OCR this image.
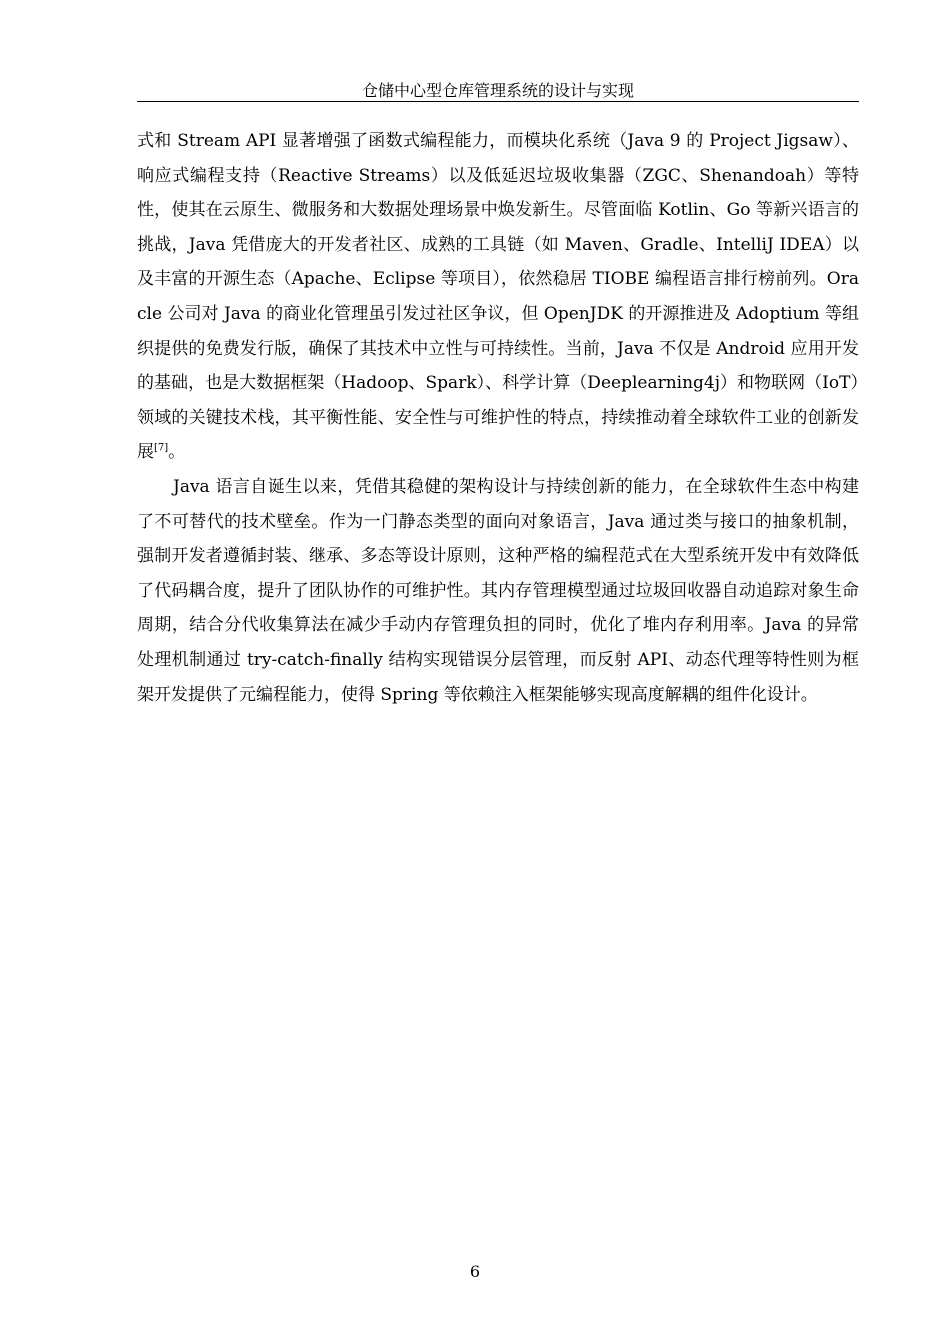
仓储中心型仓库管理系统的设计与实现

式和 Stream API 显著增强了函数式编程能力，而模块化系统（Java 9 的 Project Jigsaw）、响应式编程支持（Reactive Streams）以及低延迟垃圾收集器（ZGC、Shenandoah）等特性，使其在云原生、微服务和大数据处理场景中焕发新生。尽管面临 Kotlin、Go 等新兴语言的挑战，Java 凭借庞大的开发者社区、成熟的工具链（如 Maven、Gradle、IntelliJ IDEA）以及丰富的开源生态（Apache、Eclipse 等项目），依然稳居 TIOBE 编程语言排行榜前列。Oracle 公司对 Java 的商业化管理虽引发过社区争议，但 OpenJDK 的开源推进及 Adoptium 等组织提供的免费发行版，确保了其技术中立性与可持续性。当前，Java 不仅是 Android 应用开发的基础，也是大数据框架（Hadoop、Spark）、科学计算（Deeplearning4j）和物联网（IoT）领域的关键技术栈，其平衡性能、安全性与可维护性的特点，持续推动着全球软件工业的创新发展[7]。

Java 语言自诞生以来，凭借其稳健的架构设计与持续创新的能力，在全球软件生态中构建了不可替代的技术壁垒。作为一门静态类型的面向对象语言，Java 通过类与接口的抽象机制，强制开发者遵循封装、继承、多态等设计原则，这种严格的编程范式在大型系统开发中有效降低了代码耦合度，提升了团队协作的可维护性。其内存管理模型通过垃圾回收器自动追踪对象生命周期，结合分代收集算法在减少手动内存管理负担的同时，优化了堆内存利用率。Java 的异常处理机制通过 try-catch-finally 结构实现错误分层管理，而反射 API、动态代理等特性则为框架开发提供了元编程能力，使得 Spring 等依赖注入框架能够实现高度解耦的组件化设计。

6
